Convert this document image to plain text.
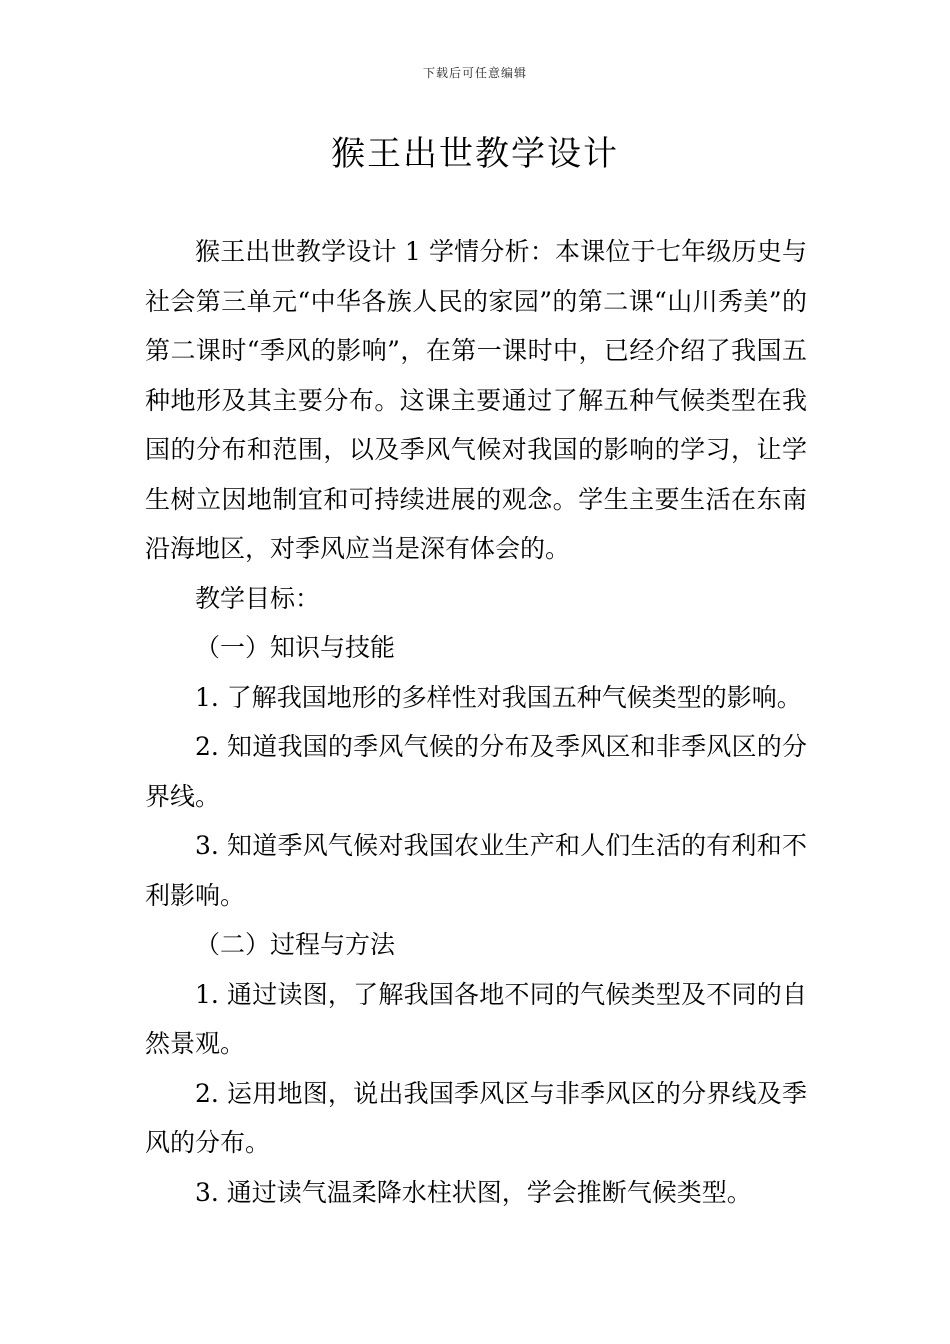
下载后可任意编辑
猴王出世教学设计

猴王出世教学设计 1 学情分析：本课位于七年级历史与社会第三单元“中华各族人民的家园”的第二课“山川秀美”的第二课时“季风的影响”，在第一课时中，已经介绍了我国五种地形及其主要分布。这课主要通过了解五种气候类型在我国的分布和范围，以及季风气候对我国的影响的学习，让学生树立因地制宜和可持续进展的观念。学生主要生活在东南沿海地区，对季风应当是深有体会的。

教学目标：

（一）知识与技能

1. 了解我国地形的多样性对我国五种气候类型的影响。

2. 知道我国的季风气候的分布及季风区和非季风区的分界线。

3. 知道季风气候对我国农业生产和人们生活的有利和不利影响。

（二）过程与方法

1. 通过读图，了解我国各地不同的气候类型及不同的自然景观。

2. 运用地图，说出我国季风区与非季风区的分界线及季风的分布。

3. 通过读气温柔降水柱状图，学会推断气候类型。
